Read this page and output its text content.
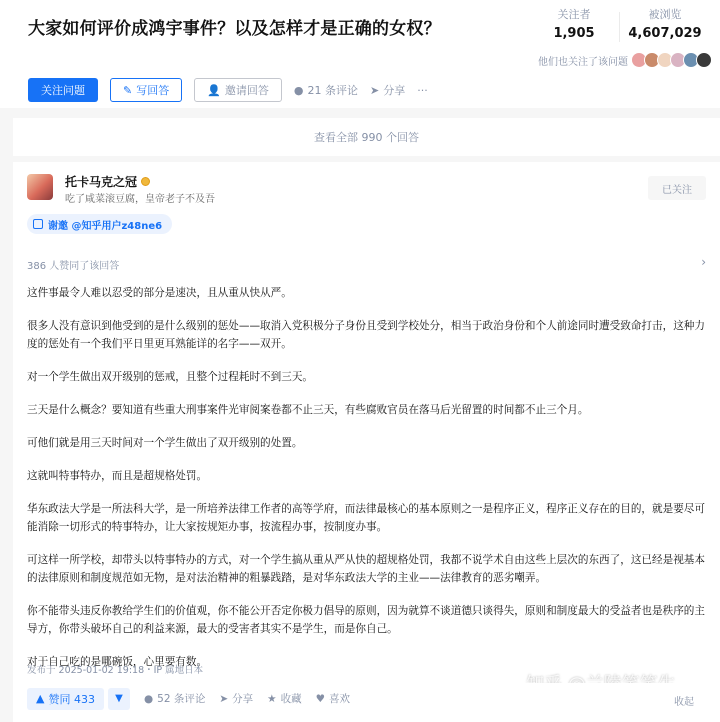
大家如何评价成鸿宇事件？以及怎样才是正确的女权？
关注者
1,905
被浏览
4,607,029
他们也关注了该问题
关注问题	✎ 写回答	👤 邀请回答 ● 21 条评论 ➤ 分享 ···
查看全部 990 个回答
托卡马克之冠
吃了咸菜滚豆腐，皇帝老子不及吾
已关注
谢邀 @知乎用户z48ne6
386 人赞同了该回答	›

这件事最令人难以忍受的部分是速决，且从重从快从严。

很多人没有意识到他受到的是什么级别的惩处——取消入党积极分子身份且受到学校处分，相当于政治身份和个人前途同时遭受致命打击，这种力度的惩处有一个我们平日里更耳熟能详的名字——双开。

对一个学生做出双开级别的惩戒，且整个过程耗时不到三天。

三天是什么概念？要知道有些重大刑事案件光审阅案卷都不止三天，有些腐败官员在落马后光留置的时间都不止三个月。

可他们就是用三天时间对一个学生做出了双开级别的处置。

这就叫特事特办，而且是超规格处罚。

华东政法大学是一所法科大学，是一所培养法律工作者的高等学府，而法律最核心的基本原则之一是程序正义，程序正义存在的目的，就是要尽可能消除一切形式的特事特办，让大家按规矩办事，按流程办事，按制度办事。

可这样一所学校，却带头以特事特办的方式，对一个学生搞从重从严从快的超规格处罚，我都不说学术自由这些上层次的东西了，这已经是视基本的法律原则和制度规范如无物，是对法治精神的粗暴践踏，是对华东政法大学的主业——法律教育的恶劣嘲弄。

你不能带头违反你教给学生们的价值观，你不能公开否定你极力倡导的原则，因为就算不谈道德只谈得失，原则和制度最大的受益者也是秩序的主导方，你带头破坏自己的利益来源，最大的受害者其实不是学生，而是你自己。

对于自己吃的是哪碗饭，心里要有数。

发布于 2025-01-02 19:18・IP 属地日本
▲ 赞同 433 ▼ ● 52 条评论 ➤ 分享 ★ 收藏 ♥ 喜欢	收起
